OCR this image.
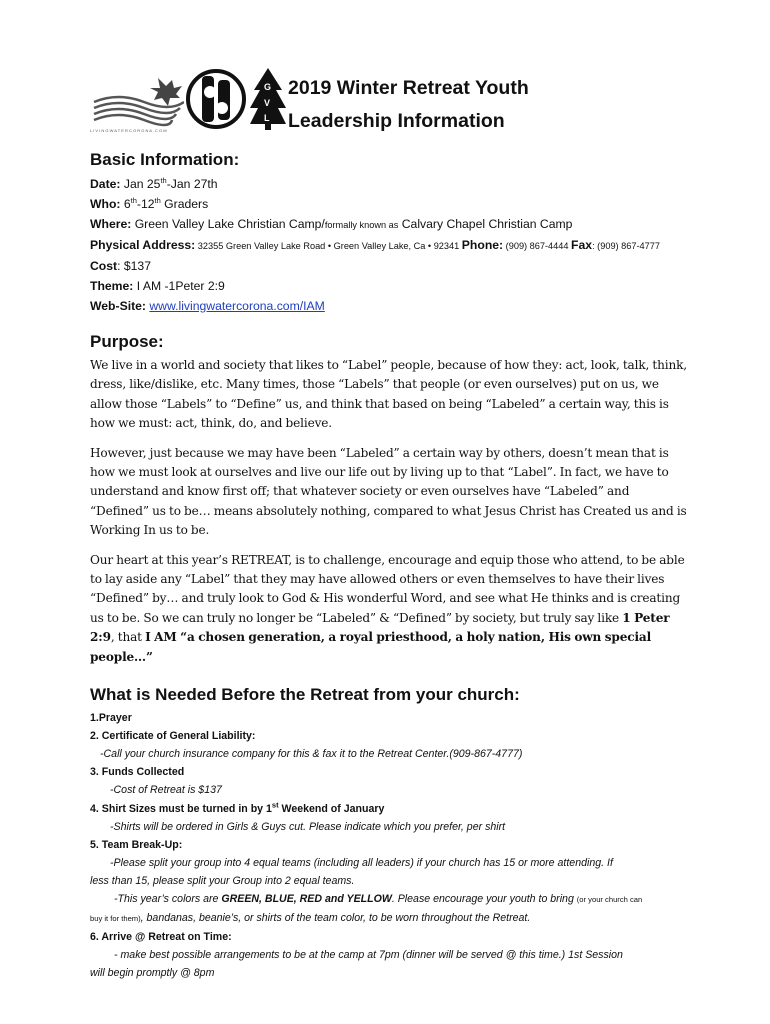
L I V I N G W A T E R C O R O N A . C O M
G
V
L
2019 Winter Retreat Youth
Leadership Information
Basic Information:
Date: Jan 25th-Jan 27th
Who: 6th-12th Graders
Where: Green Valley Lake Christian Camp/formally known as Calvary Chapel Christian Camp
Physical Address: 32355 Green Valley Lake Road • Green Valley Lake, Ca • 92341 Phone: (909) 867-4444 Fax: (909) 867-4777
Cost: $137
Theme: I AM -1Peter 2:9
Web-Site: www.livingwatercorona.com/IAM
Purpose:

We live in a world and society that likes to “Label” people, because of how they: act, look, talk, think, dress, like/dislike, etc. Many times, those “Labels” that people (or even ourselves) put on us, we allow those “Labels” to “Define” us, and think that based on being “Labeled” a certain way, this is how we must: act, think, do, and believe.

However, just because we may have been “Labeled” a certain way by others, doesn’t mean that is how we must look at ourselves and live our life out by living up to that “Label”. In fact, we have to understand and know first off; that whatever society or even ourselves have “Labeled” and “Defined” us to be… means absolutely nothing, compared to what Jesus Christ has Created us and is Working In us to be.

Our heart at this year’s RETREAT, is to challenge, encourage and equip those who attend, to be able to lay aside any “Label” that they may have allowed others or even themselves to have their lives “Defined” by… and truly look to God & His wonderful Word, and see what He thinks and is creating us to be. So we can truly no longer be “Labeled” & “Defined” by society, but truly say like 1 Peter 2:9, that I AM “a chosen generation, a royal priesthood, a holy nation, His own special people…”

What is Needed Before the Retreat from your church:
1.Prayer
2. Certificate of General Liability:
-Call your church insurance company for this & fax it to the Retreat Center.(909-867-4777)
3. Funds Collected
-Cost of Retreat is $137
4. Shirt Sizes must be turned in by 1st Weekend of January
-Shirts will be ordered in Girls & Guys cut. Please indicate which you prefer, per shirt
5. Team Break-Up:
-Please split your group into 4 equal teams (including all leaders) if your church has 15 or more attending. If
less than 15, please split your Group into 2 equal teams.
-This year’s colors are GREEN, BLUE, RED and YELLOW. Please encourage your youth to bring (or your church can
buy it for them), bandanas, beanie’s, or shirts of the team color, to be worn throughout the Retreat.
6. Arrive @ Retreat on Time:
- make best possible arrangements to be at the camp at 7pm (dinner will be served @ this time.) 1st Session
will begin promptly @ 8pm
